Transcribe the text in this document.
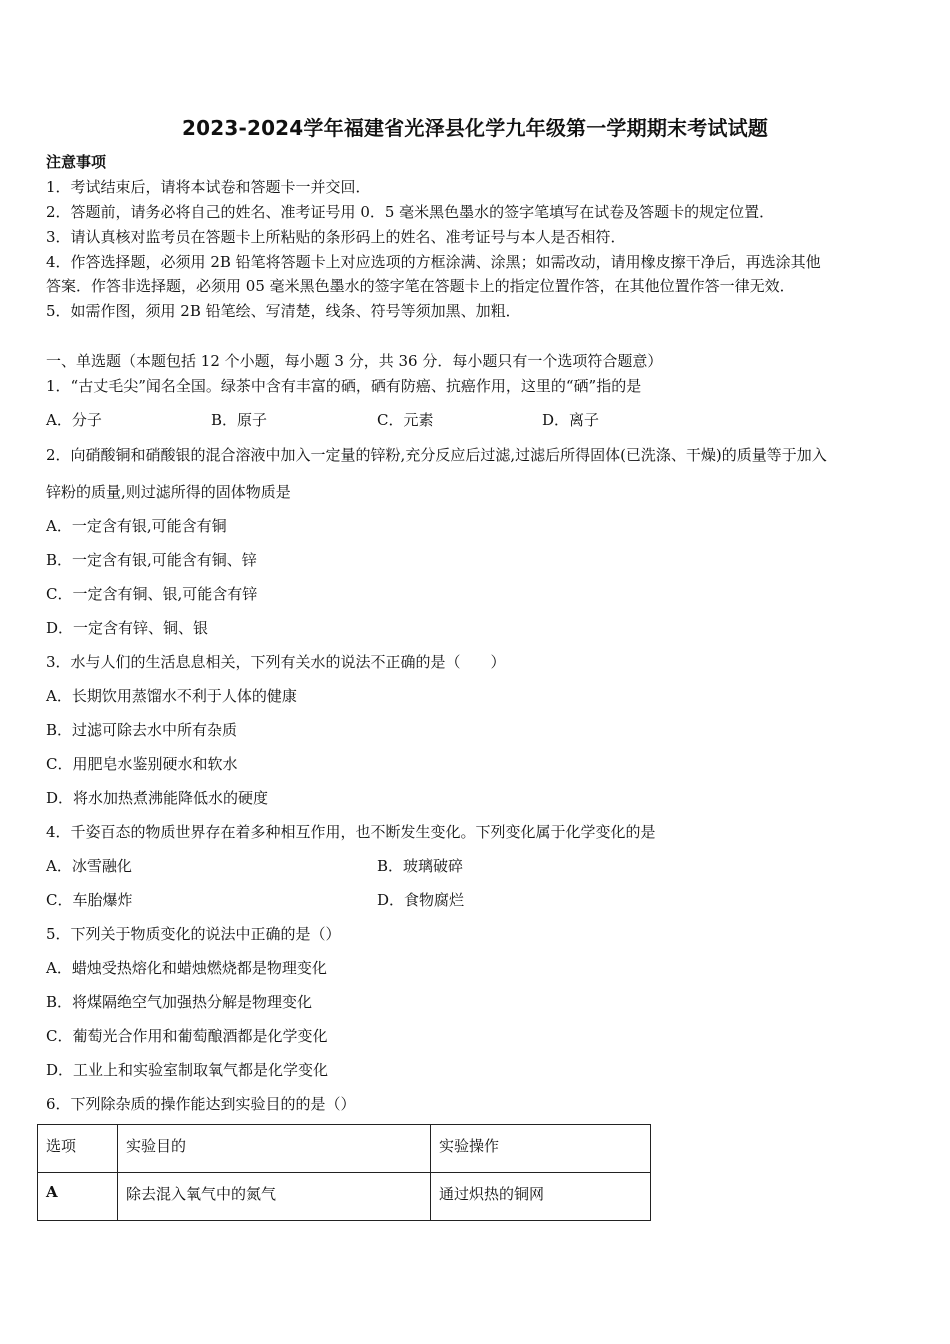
2023-2024学年福建省光泽县化学九年级第一学期期末考试试题
注意事项
1．考试结束后，请将本试卷和答题卡一并交回．
2．答题前，请务必将自己的姓名、准考证号用 0．5 毫米黑色墨水的签字笔填写在试卷及答题卡的规定位置．
3．请认真核对监考员在答题卡上所粘贴的条形码上的姓名、准考证号与本人是否相符．
4．作答选择题，必须用 2B 铅笔将答题卡上对应选项的方框涂满、涂黑；如需改动，请用橡皮擦干净后，再选涂其他
答案．作答非选择题，必须用 05 毫米黑色墨水的签字笔在答题卡上的指定位置作答，在其他位置作答一律无效．
5．如需作图，须用 2B 铅笔绘、写清楚，线条、符号等须加黑、加粗．
一、单选题（本题包括 12 个小题，每小题 3 分，共 36 分．每小题只有一个选项符合题意）
1．“古丈毛尖”闻名全国。绿茶中含有丰富的硒，硒有防癌、抗癌作用，这里的“硒”指的是
A．分子	B．原子	C．元素	D．离子
2．向硝酸铜和硝酸银的混合溶液中加入一定量的锌粉,充分反应后过滤,过滤后所得固体(已洗涤、干燥)的质量等于加入
锌粉的质量,则过滤所得的固体物质是
A．一定含有银,可能含有铜
B．一定含有银,可能含有铜、锌
C．一定含有铜、银,可能含有锌
D．一定含有锌、铜、银
3．水与人们的生活息息相关，下列有关水的说法不正确的是（　　）
A．长期饮用蒸馏水不利于人体的健康
B．过滤可除去水中所有杂质
C．用肥皂水鉴别硬水和软水
D．将水加热煮沸能降低水的硬度
4．千姿百态的物质世界存在着多种相互作用，也不断发生变化。下列变化属于化学变化的是
A．冰雪融化	B．玻璃破碎
C．车胎爆炸	D．食物腐烂
5．下列关于物质变化的说法中正确的是（）
A．蜡烛受热熔化和蜡烛燃烧都是物理变化
B．将煤隔绝空气加强热分解是物理变化
C．葡萄光合作用和葡萄酿酒都是化学变化
D．工业上和实验室制取氧气都是化学变化
6．下列除杂质的操作能达到实验目的的是（）
选项	实验目的	实验操作

A	除去混入氧气中的氮气	通过炽热的铜网
